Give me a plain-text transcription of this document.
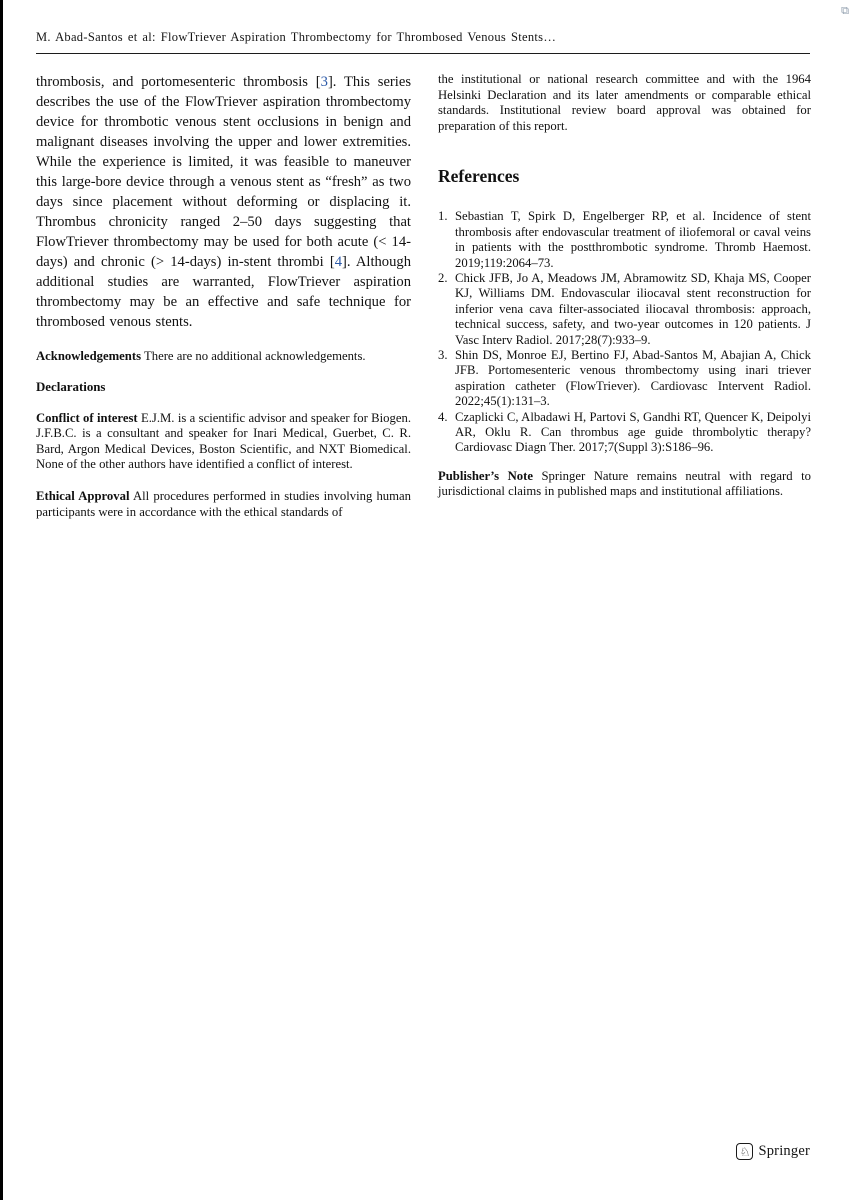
⧉
M. Abad-Santos et al: FlowTriever Aspiration Thrombectomy for Thrombosed Venous Stents…

thrombosis, and portomesenteric thrombosis [3]. This series describes the use of the FlowTriever aspiration thrombectomy device for thrombotic venous stent occlusions in benign and malignant diseases involving the upper and lower extremities. While the experience is limited, it was feasible to maneuver this large-bore device through a venous stent as “fresh” as two days since placement without deforming or displacing it. Thrombus chronicity ranged 2–50 days suggesting that FlowTriever thrombectomy may be used for both acute (< 14-days) and chronic (> 14-days) in-stent thrombi [4]. Although additional studies are warranted, FlowTriever aspiration thrombectomy may be an effective and safe technique for thrombosed venous stents.

Acknowledgements There are no additional acknowledgements.

Declarations

Conflict of interest E.J.M. is a scientific advisor and speaker for Biogen. J.F.B.C. is a consultant and speaker for Inari Medical, Guerbet, C. R. Bard, Argon Medical Devices, Boston Scientific, and NXT Biomedical. None of the other authors have identified a conflict of interest.

Ethical Approval All procedures performed in studies involving human participants were in accordance with the ethical standards of

the institutional or national research committee and with the 1964 Helsinki Declaration and its later amendments or comparable ethical standards. Institutional review board approval was obtained for preparation of this report.

References
1. Sebastian T, Spirk D, Engelberger RP, et al. Incidence of stent thrombosis after endovascular treatment of iliofemoral or caval veins in patients with the postthrombotic syndrome. Thromb Haemost. 2019;119:2064–73.
2. Chick JFB, Jo A, Meadows JM, Abramowitz SD, Khaja MS, Cooper KJ, Williams DM. Endovascular iliocaval stent reconstruction for inferior vena cava filter-associated iliocaval thrombosis: approach, technical success, safety, and two-year outcomes in 120 patients. J Vasc Interv Radiol. 2017;28(7):933–9.
3. Shin DS, Monroe EJ, Bertino FJ, Abad-Santos M, Abajian A, Chick JFB. Portomesenteric venous thrombectomy using inari triever aspiration catheter (FlowTriever). Cardiovasc Intervent Radiol. 2022;45(1):131–3.
4. Czaplicki C, Albadawi H, Partovi S, Gandhi RT, Quencer K, Deipolyi AR, Oklu R. Can thrombus age guide thrombolytic therapy? Cardiovasc Diagn Ther. 2017;7(Suppl 3):S186–96.

Publisher’s Note Springer Nature remains neutral with regard to jurisdictional claims in published maps and institutional affiliations.

♘ Springer
